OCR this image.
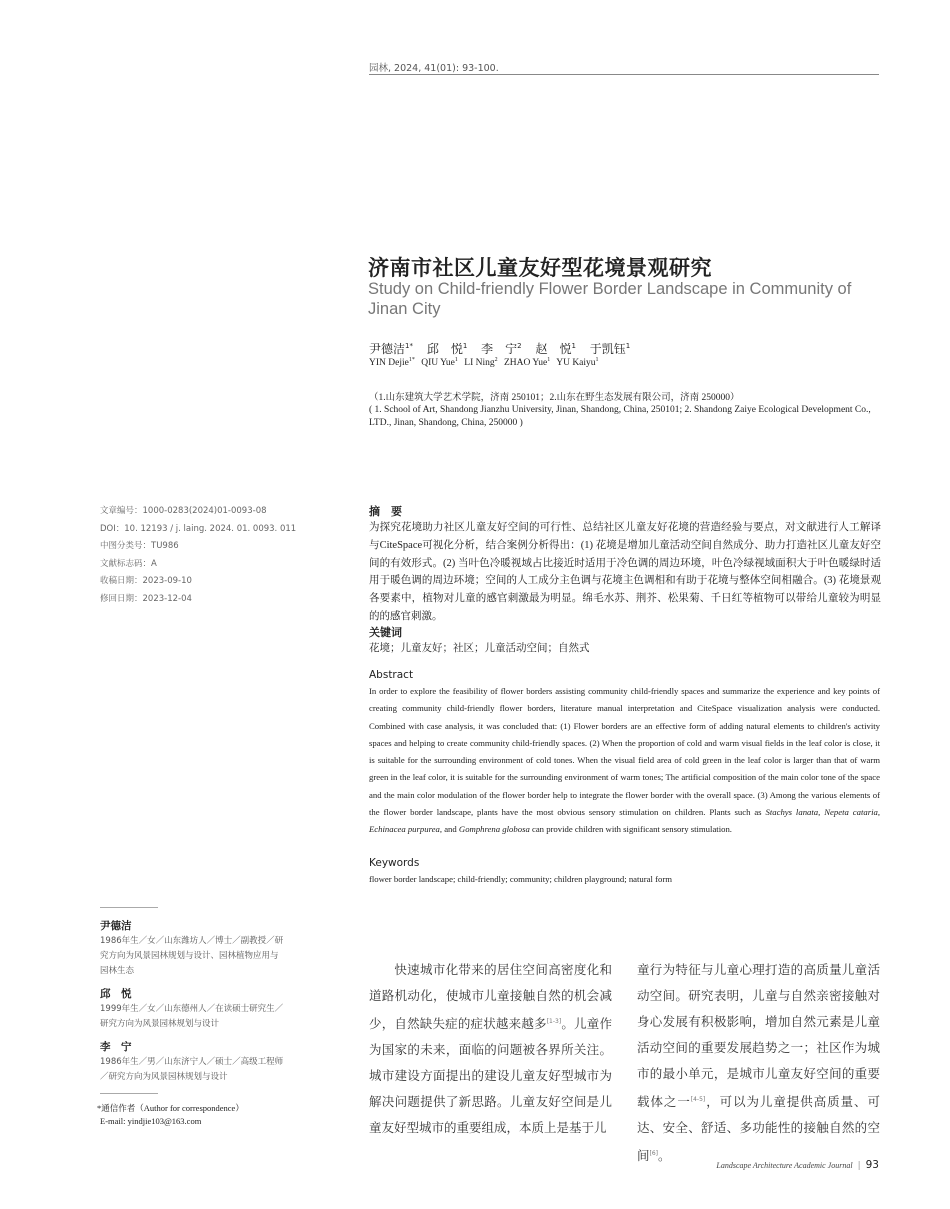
园林, 2024, 41(01): 93-100.
济南市社区儿童友好型花境景观研究
Study on Child-friendly Flower Border Landscape in Community of Jinan City
尹德洁$^{1*}$ 邱　悦$^1$ 李　宁$^2$ 赵　悦$^1$ 于凯钰$^1$
YIN Dejie$^{1*}$ QIU Yue$^1$ LI Ning$^2$ ZHAO Yue$^1$ YU Kaiyu$^1$
（1.山东建筑大学艺术学院，济南 250101；2.山东在野生态发展有限公司，济南 250000）
( 1. School of Art, Shandong Jianzhu University, Jinan, Shandong, China, 250101; 2. Shandong Zaiye Ecological Development Co., LTD., Jinan, Shandong, China, 250000 )
文章编号：1000-0283(2024)01-0093-08
DOI：10. 12193 / j. laing. 2024. 01. 0093. 011
中图分类号：TU986
文献标志码：A
收稿日期：2023-09-10
修回日期：2023-12-04
摘　要
为探究花境助力社区儿童友好空间的可行性、总结社区儿童友好花境的营造经验与要点，对文献进行人工解译与CiteSpace可视化分析，结合案例分析得出：(1) 花境是增加儿童活动空间自然成分、助力打造社区儿童友好空间的有效形式。(2) 当叶色冷暖视域占比接近时适用于冷色调的周边环境，叶色冷绿视域面积大于叶色暖绿时适用于暖色调的周边环境；空间的人工成分主色调与花境主色调相和有助于花境与整体空间相融合。(3) 花境景观各要素中，植物对儿童的感官刺激最为明显。绵毛水苏、荆芥、松果菊、千日红等植物可以带给儿童较为明显的的感官刺激。
关键词
花境；儿童友好；社区；儿童活动空间；自然式
Abstract
In order to explore the feasibility of flower borders assisting community child-friendly spaces and summarize the experience and key points of creating community child-friendly flower borders, literature manual interpretation and CiteSpace visualization analysis were conducted. Combined with case analysis, it was concluded that: (1) Flower borders are an effective form of adding natural elements to children's activity spaces and helping to create community child-friendly spaces. (2) When the proportion of cold and warm visual fields in the leaf color is close, it is suitable for the surrounding environment of cold tones. When the visual field area of cold green in the leaf color is larger than that of warm green in the leaf color, it is suitable for the surrounding environment of warm tones; The artificial composition of the main color tone of the space and the main color modulation of the flower border help to integrate the flower border with the overall space. (3) Among the various elements of the flower border landscape, plants have the most obvious sensory stimulation on children. Plants such as Stachys lanata, Nepeta cataria, Echinacea purpurea, and Gomphrena globosa can provide children with significant sensory stimulation.
Keywords
flower border landscape; child-friendly; community; children playground; natural form
尹德洁
1986年生／女／山东潍坊人／博士／副教授／研究方向为风景园林规划与设计、园林植物应用与园林生态
邱　悦
1999年生／女／山东德州人／在读硕士研究生／研究方向为风景园林规划与设计
李　宁
1986年生／男／山东济宁人／硕士／高级工程师／研究方向为风景园林规划与设计
*通信作者（Author for correspondence）
E-mail: yindjie103@163.com
快速城市化带来的居住空间高密度化和道路机动化，使城市儿童接触自然的机会减少，自然缺失症的症状越来越多[1-3]。儿童作为国家的未来，面临的问题被各界所关注。城市建设方面提出的建设儿童友好型城市为解决问题提供了新思路。儿童友好空间是儿童友好型城市的重要组成，本质上是基于儿
童行为特征与儿童心理打造的高质量儿童活动空间。研究表明，儿童与自然亲密接触对身心发展有积极影响，增加自然元素是儿童活动空间的重要发展趋势之一；社区作为城市的最小单元，是城市儿童友好空间的重要载体之一[4-5]，可以为儿童提供高质量、可达、安全、舒适、多功能性的接触自然的空间[6]。
Landscape Architecture Academic Journal | 93
